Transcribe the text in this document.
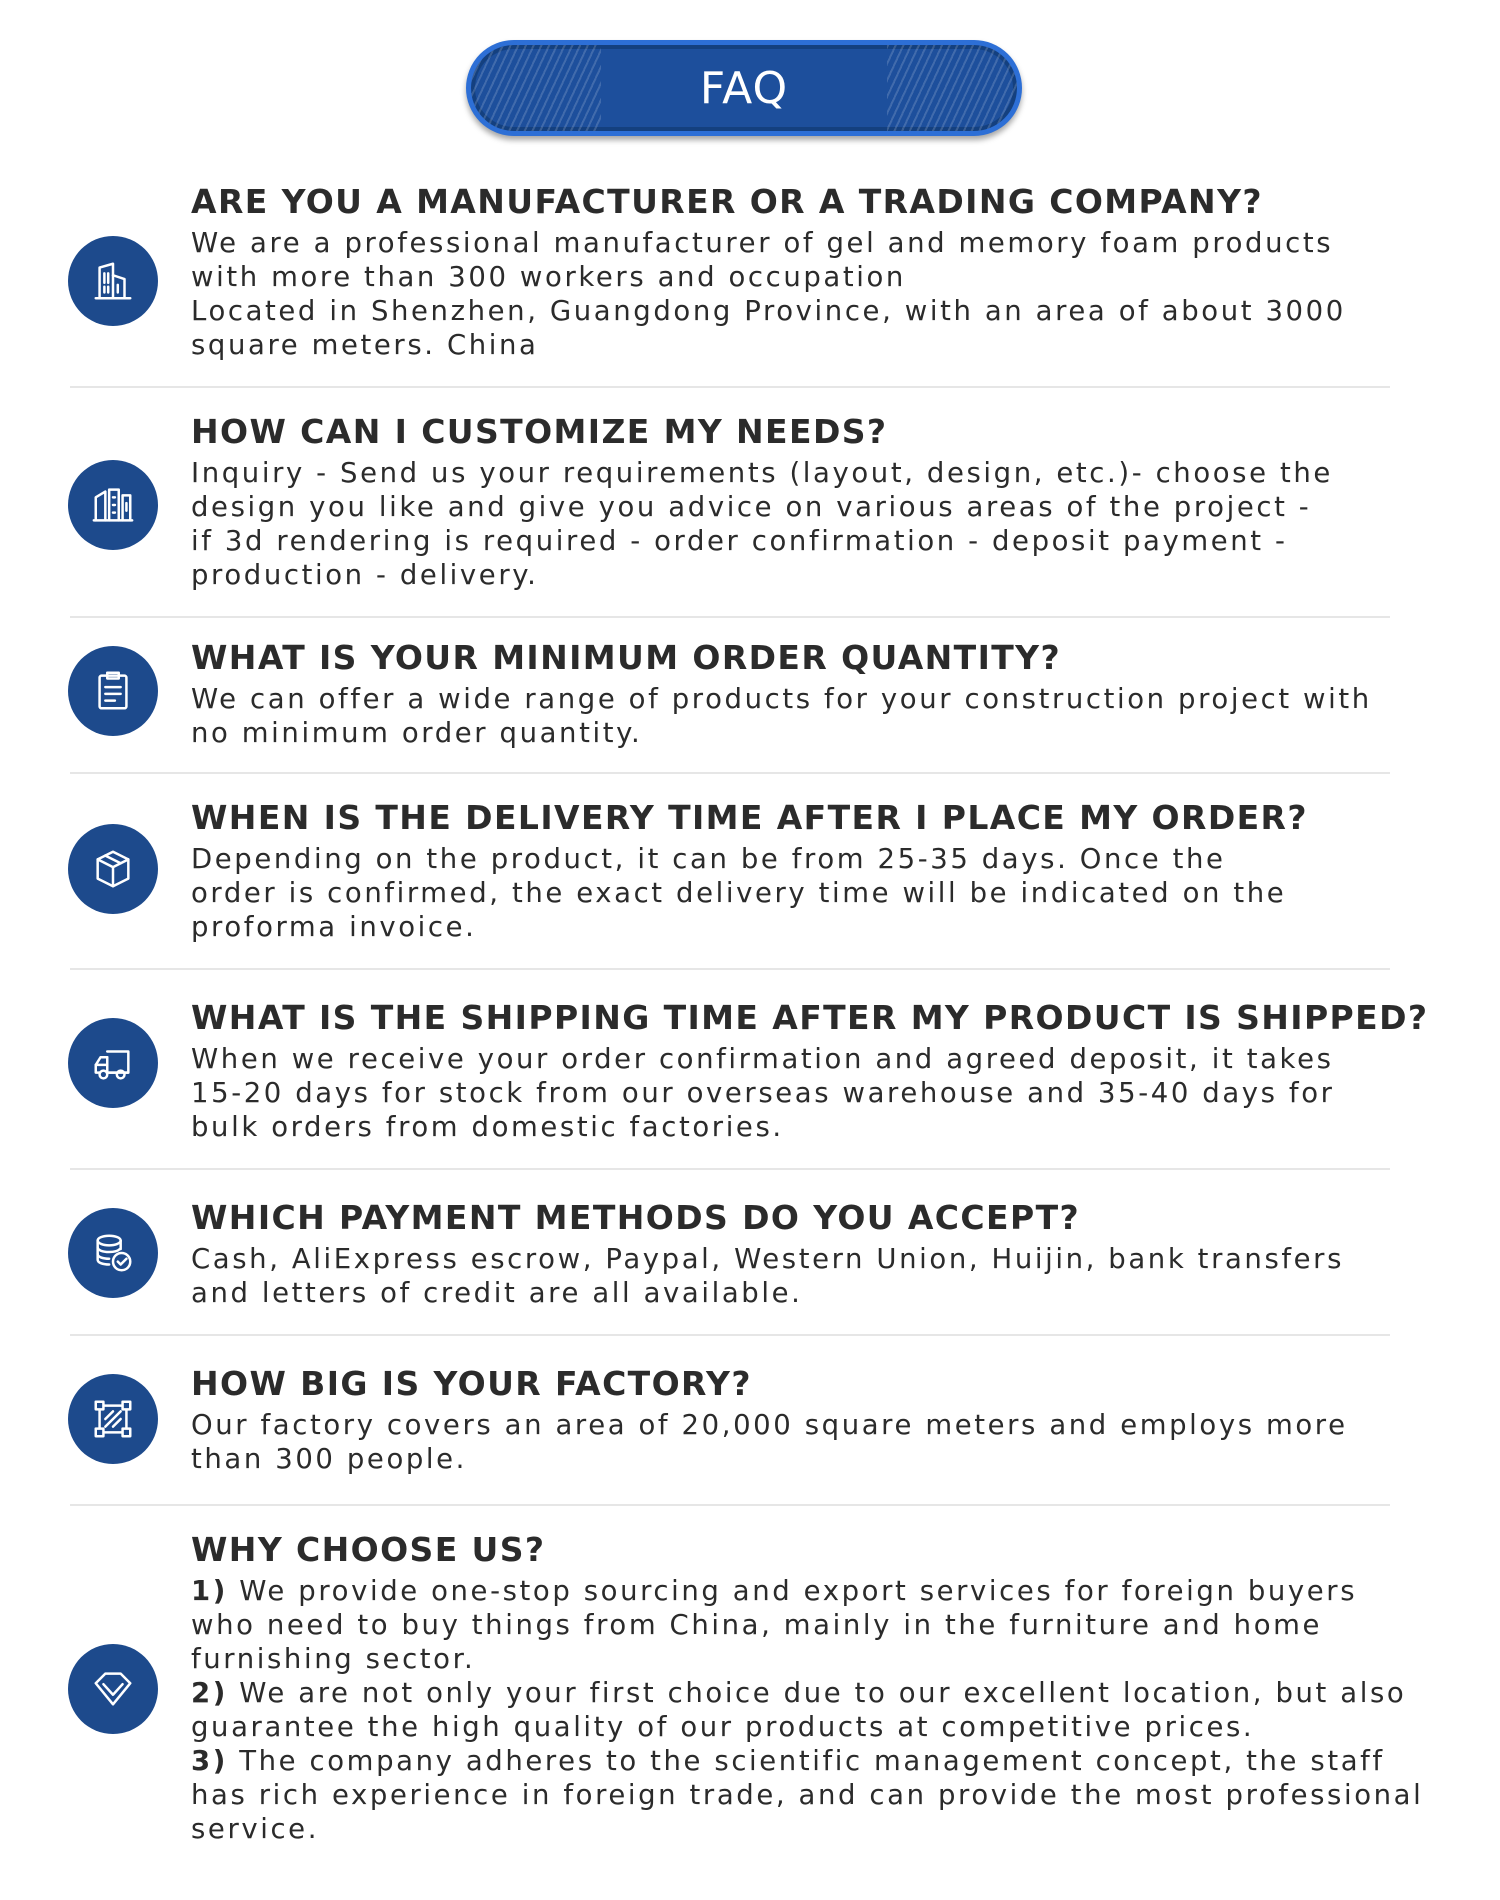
FAQ
ARE YOU A MANUFACTURER OR A TRADING COMPANY?
We are a professional manufacturer of gel and memory foam products
with more than 300 workers and occupation
Located in Shenzhen, Guangdong Province, with an area of about 3000
square meters. China
HOW CAN I CUSTOMIZE MY NEEDS?
Inquiry - Send us your requirements (layout, design, etc.)- choose the
design you like and give you advice on various areas of the project -
if 3d rendering is required - order confirmation - deposit payment -
production - delivery.
WHAT IS YOUR MINIMUM ORDER QUANTITY?
We can offer a wide range of products for your construction project with
no minimum order quantity.
WHEN IS THE DELIVERY TIME AFTER I PLACE MY ORDER?
Depending on the product, it can be from 25-35 days. Once the
order is confirmed, the exact delivery time will be indicated on the
proforma invoice.
WHAT IS THE SHIPPING TIME AFTER MY PRODUCT IS SHIPPED?
When we receive your order confirmation and agreed deposit, it takes
15-20 days for stock from our overseas warehouse and 35-40 days for
bulk orders from domestic factories.
WHICH PAYMENT METHODS DO YOU ACCEPT?
Cash, AliExpress escrow, Paypal, Western Union, Huijin, bank transfers
and letters of credit are all available.
HOW BIG IS YOUR FACTORY?
Our factory covers an area of 20,000 square meters and employs more
than 300 people.
WHY CHOOSE US?
1) We provide one-stop sourcing and export services for foreign buyers
who need to buy things from China, mainly in the furniture and home
furnishing sector.
2) We are not only your first choice due to our excellent location, but also
guarantee the high quality of our products at competitive prices.
3) The company adheres to the scientific management concept, the staff
has rich experience in foreign trade, and can provide the most professional
service.
